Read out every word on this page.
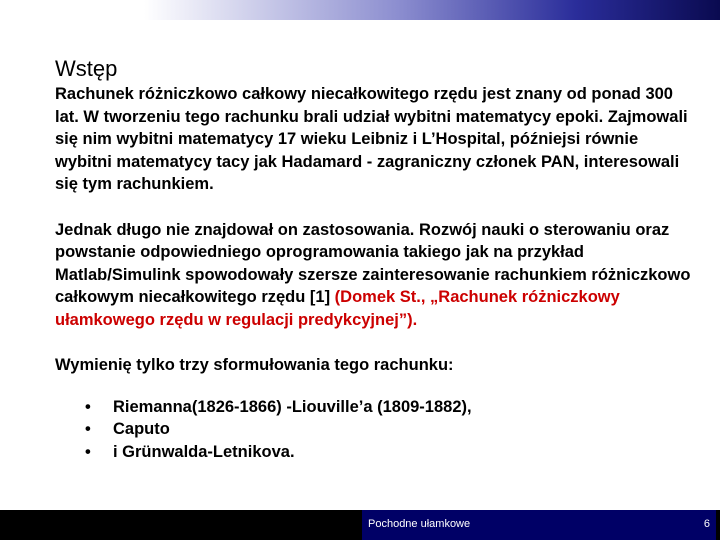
Wstęp

Rachunek różniczkowo całkowy niecałkowitego rzędu jest znany od ponad 300 lat. W tworzeniu tego rachunku brali udział wybitni matematycy epoki. Zajmowali się nim wybitni matematycy 17 wieku Leibniz i L’Hospital, późniejsi równie wybitni matematycy tacy jak Hadamard - zagraniczny członek PAN, interesowali się tym rachunkiem.

Jednak długo nie znajdował on zastosowania. Rozwój nauki o sterowaniu oraz powstanie odpowiedniego oprogramowania takiego jak na przykład Matlab/Simulink spowodowały szersze zainteresowanie rachunkiem różniczkowo całkowym niecałkowitego rzędu [1] (Domek St., „Rachunek różniczkowy ułamkowego rzędu w regulacji predykcyjnej”).

Wymienię tylko trzy sformułowania tego rachunku:

• Riemanna(1826-1866) -Liouville’a (1809-1882),
• Caputo
• i Grünwalda-Letnikova.
Pochodne ułamkowe	6
